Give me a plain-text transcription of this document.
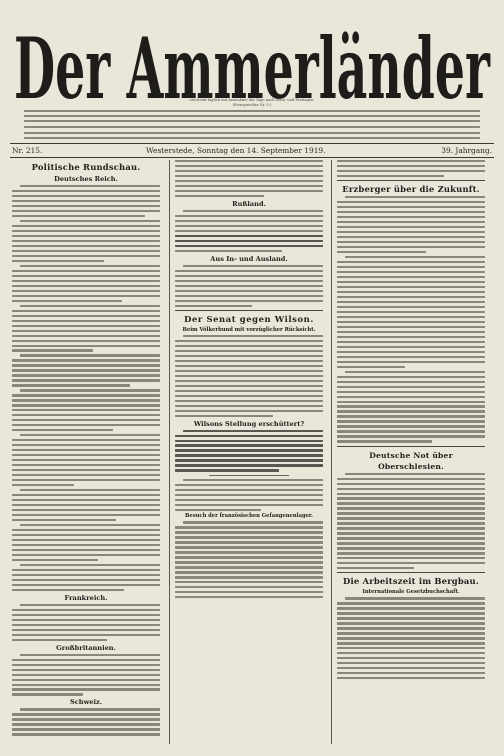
Der Ammerländer
(Fernsprecher Nr. 5.)
erscheint täglich mit Ausnahme der Tage nach Sonn- und Festtagen.
Nr. 215.	Westerstede, Sonntag den 14. September 1919.	39. Jahrgang.
Politische Rundschau.
Deutsches Reich.
Frankreich.
Großbritannien.
Schweiz.
Rußland.
Aus In- und Ausland.
Der Senat gegen Wilson.
Beim Völkerbund mit vorzüglicher Rücksicht.
Wilsons Stellung erschüttert?
Besuch der französischen Gefangenenlager.
Erzberger über die Zukunft.
Deutsche Not über Oberschlesien.
Die Arbeitszeit im Bergbau.
Internationale Gesetzbuchschaft.
